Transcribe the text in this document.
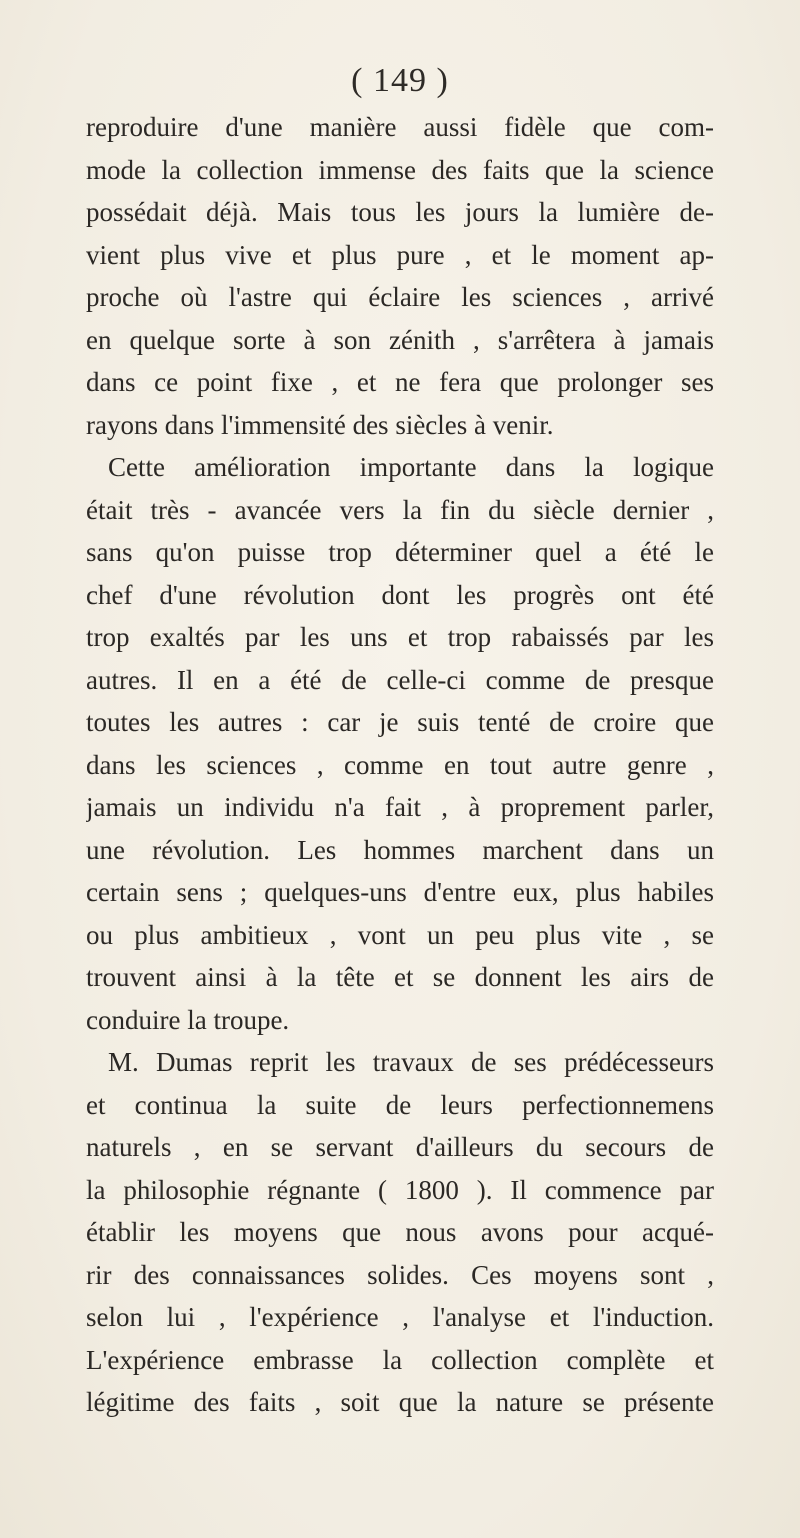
( 149 )
reproduire d'une manière aussi fidèle que com-
mode la collection immense des faits que la science
possédait déjà. Mais tous les jours la lumière de-
vient plus vive et plus pure , et le moment ap-
proche où l'astre qui éclaire les sciences , arrivé
en quelque sorte à son zénith , s'arrêtera à jamais
dans ce point fixe , et ne fera que prolonger ses
rayons dans l'immensité des siècles à venir.
Cette amélioration importante dans la logique
était très - avancée vers la fin du siècle dernier ,
sans qu'on puisse trop déterminer quel a été le
chef d'une révolution dont les progrès ont été
trop exaltés par les uns et trop rabaissés par les
autres. Il en a été de celle-ci comme de presque
toutes les autres : car je suis tenté de croire que
dans les sciences , comme en tout autre genre ,
jamais un individu n'a fait , à proprement parler,
une révolution. Les hommes marchent dans un
certain sens ; quelques-uns d'entre eux, plus habiles
ou plus ambitieux , vont un peu plus vite , se
trouvent ainsi à la tête et se donnent les airs de
conduire la troupe.
M. Dumas reprit les travaux de ses prédécesseurs
et continua la suite de leurs perfectionnemens
naturels , en se servant d'ailleurs du secours de
la philosophie régnante ( 1800 ). Il commence par
établir les moyens que nous avons pour acqué-
rir des connaissances solides. Ces moyens sont ,
selon lui , l'expérience , l'analyse et l'induction.
L'expérience embrasse la collection complète et
légitime des faits , soit que la nature se présente
